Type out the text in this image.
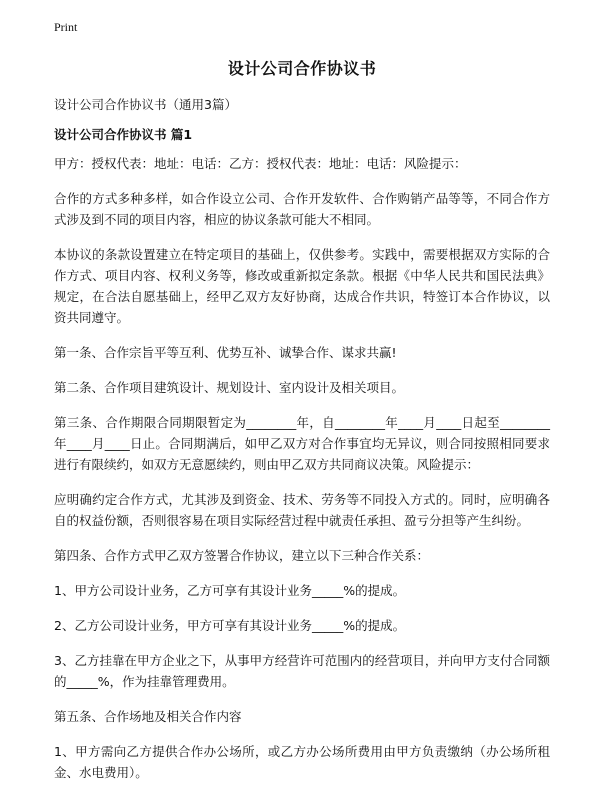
Print
设计公司合作协议书
设计公司合作协议书（通用3篇）
设计公司合作协议书 篇1

甲方：授权代表：地址：电话：乙方：授权代表：地址：电话：风险提示：

合作的方式多种多样，如合作设立公司、合作开发软件、合作购销产品等等，不同合作方式涉及到不同的项目内容，相应的协议条款可能大不相同。

本协议的条款设置建立在特定项目的基础上，仅供参考。实践中，需要根据双方实际的合作方式、项目内容、权利义务等，修改或重新拟定条款。根据《中华人民共和国民法典》规定，在合法自愿基础上，经甲乙双方友好协商，达成合作共识，特签订本合作协议，以资共同遵守。

第一条、合作宗旨平等互利、优势互补、诚挚合作、谋求共赢!

第二条、合作项目建筑设计、规划设计、室内设计及相关项目。

第三条、合作期限合同期限暂定为________年，自________年____月____日起至________年____月____日止。合同期满后，如甲乙双方对合作事宜均无异议，则合同按照相同要求进行有限续约，如双方无意愿续约，则由甲乙双方共同商议决策。风险提示：

应明确约定合作方式，尤其涉及到资金、技术、劳务等不同投入方式的。同时，应明确各自的权益份额，否则很容易在项目实际经营过程中就责任承担、盈亏分担等产生纠纷。

第四条、合作方式甲乙双方签署合作协议，建立以下三种合作关系：

1、甲方公司设计业务，乙方可享有其设计业务_____%的提成。

2、乙方公司设计业务，甲方可享有其设计业务_____%的提成。

3、乙方挂靠在甲方企业之下，从事甲方经营许可范围内的经营项目，并向甲方支付合同额的_____%，作为挂靠管理费用。

第五条、合作场地及相关合作内容

1、甲方需向乙方提供合作办公场所，或乙方办公场所费用由甲方负责缴纳（办公场所租金、水电费用）。
